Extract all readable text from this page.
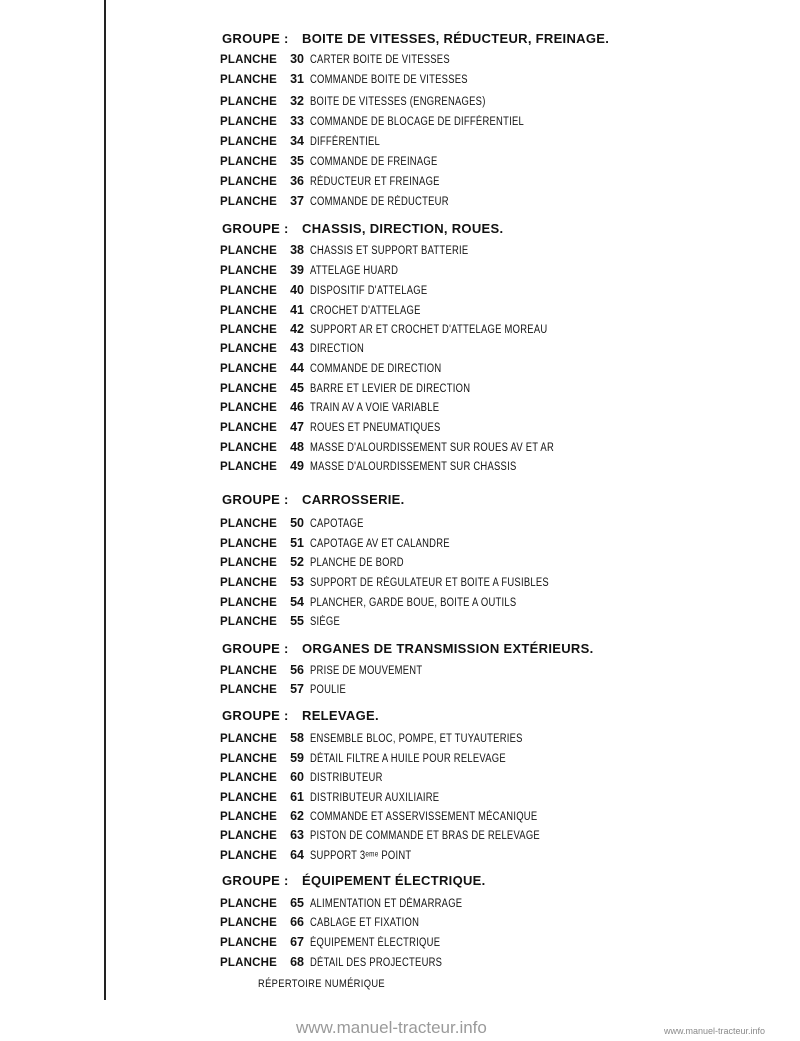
GROUPE : BOITE DE VITESSES, RÉDUCTEUR, FREINAGE.
PLANCHE 30 CARTER BOITE DE VITESSES
PLANCHE 31 COMMANDE BOITE DE VITESSES
PLANCHE 32 BOITE DE VITESSES (ENGRENAGES)
PLANCHE 33 COMMANDE DE BLOCAGE DE DIFFÉRENTIEL
PLANCHE 34 DIFFÉRENTIEL
PLANCHE 35 COMMANDE DE FREINAGE
PLANCHE 36 RÉDUCTEUR ET FREINAGE
PLANCHE 37 COMMANDE DE RÉDUCTEUR
GROUPE : CHASSIS, DIRECTION, ROUES.
PLANCHE 38 CHASSIS ET SUPPORT BATTERIE
PLANCHE 39 ATTELAGE HUARD
PLANCHE 40 DISPOSITIF D'ATTELAGE
PLANCHE 41 CROCHET D'ATTELAGE
PLANCHE 42 SUPPORT AR ET CROCHET D'ATTELAGE MOREAU
PLANCHE 43 DIRECTION
PLANCHE 44 COMMANDE DE DIRECTION
PLANCHE 45 BARRE ET LEVIER DE DIRECTION
PLANCHE 46 TRAIN AV A VOIE VARIABLE
PLANCHE 47 ROUES ET PNEUMATIQUES
PLANCHE 48 MASSE D'ALOURDISSEMENT SUR ROUES AV ET AR
PLANCHE 49 MASSE D'ALOURDISSEMENT SUR CHASSIS
GROUPE : CARROSSERIE.
PLANCHE 50 CAPOTAGE
PLANCHE 51 CAPOTAGE AV ET CALANDRE
PLANCHE 52 PLANCHE DE BORD
PLANCHE 53 SUPPORT DE RÉGULATEUR ET BOITE A FUSIBLES
PLANCHE 54 PLANCHER, GARDE BOUE, BOITE A OUTILS
PLANCHE 55 SIÈGE
GROUPE : ORGANES DE TRANSMISSION EXTÉRIEURS.
PLANCHE 56 PRISE DE MOUVEMENT
PLANCHE 57 POULIE
GROUPE : RELEVAGE.
PLANCHE 58 ENSEMBLE BLOC, POMPE, ET TUYAUTERIES
PLANCHE 59 DÉTAIL FILTRE A HUILE POUR RELEVAGE
PLANCHE 60 DISTRIBUTEUR
PLANCHE 61 DISTRIBUTEUR AUXILIAIRE
PLANCHE 62 COMMANDE ET ASSERVISSEMENT MÉCANIQUE
PLANCHE 63 PISTON DE COMMANDE ET BRAS DE RELEVAGE
PLANCHE 64 SUPPORT 3ᵉᵐᵉ POINT
GROUPE : ÉQUIPEMENT ÉLECTRIQUE.
PLANCHE 65 ALIMENTATION ET DÉMARRAGE
PLANCHE 66 CABLAGE ET FIXATION
PLANCHE 67 ÉQUIPEMENT ÉLECTRIQUE
PLANCHE 68 DÉTAIL DES PROJECTEURS
RÉPERTOIRE NUMÉRIQUE
www.manuel-tracteur.info	www.manuel-tracteur.info
